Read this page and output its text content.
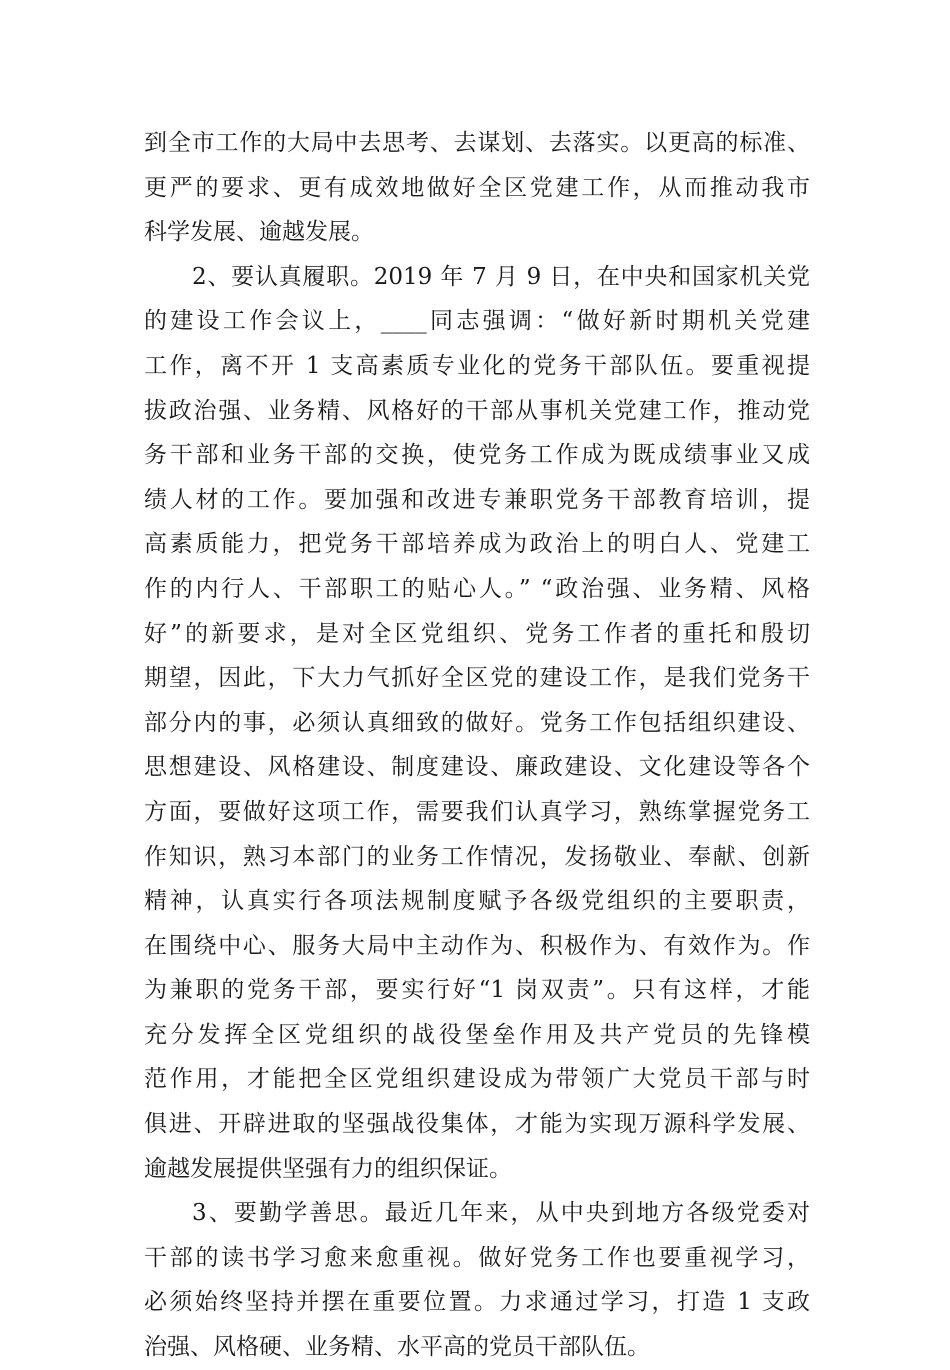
到全市工作的大局中去思考、去谋划、去落实。以更高的标准、
更严的要求、更有成效地做好全区党建工作，从而推动我市
科学发展、逾越发展。
2、要认真履职。2019 年 7 月 9 日，在中央和国家机关党
的建设工作会议上，____同志强调：“做好新时期机关党建
工作，离不开 1 支高素质专业化的党务干部队伍。要重视提
拔政治强、业务精、风格好的干部从事机关党建工作，推动党
务干部和业务干部的交换，使党务工作成为既成绩事业又成
绩人材的工作。要加强和改进专兼职党务干部教育培训，提
高素质能力，把党务干部培养成为政治上的明白人、党建工
作的内行人、干部职工的贴心人。” “政治强、业务精、风格
好”的新要求，是对全区党组织、党务工作者的重托和殷切
期望，因此，下大力气抓好全区党的建设工作，是我们党务干
部分内的事，必须认真细致的做好。党务工作包括组织建设、
思想建设、风格建设、制度建设、廉政建设、文化建设等各个
方面，要做好这项工作，需要我们认真学习，熟练掌握党务工
作知识，熟习本部门的业务工作情况，发扬敬业、奉献、创新
精神，认真实行各项法规制度赋予各级党组织的主要职责，
在围绕中心、服务大局中主动作为、积极作为、有效作为。作
为兼职的党务干部，要实行好“1 岗双责”。只有这样，才能
充分发挥全区党组织的战役堡垒作用及共产党员的先锋模
范作用，才能把全区党组织建设成为带领广大党员干部与时
俱进、开辟进取的坚强战役集体，才能为实现万源科学发展、
逾越发展提供坚强有力的组织保证。
3、要勤学善思。最近几年来，从中央到地方各级党委对
干部的读书学习愈来愈重视。做好党务工作也要重视学习，
必须始终坚持并摆在重要位置。力求通过学习，打造 1 支政
治强、风格硬、业务精、水平高的党员干部队伍。
